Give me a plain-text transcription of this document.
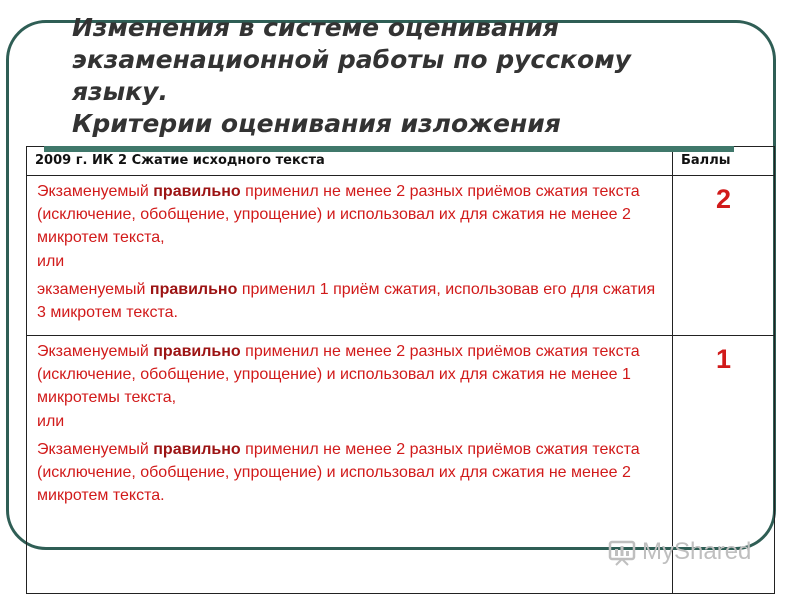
Изменения в системе оценивания
экзаменационной работы по русскому
языку.
Критерии оценивания изложения
2009 г. ИК 2 Сжатие исходного текста	Баллы

Экзаменуемый правильно применил не менее 2 разных приёмов сжатия текста (исключение, обобщение, упрощение) и использовал их для сжатия не менее 2 микротем текста,

или

экзаменуемый правильно применил 1 приём сжатия, использовав его для сжатия 3 микротем текста.	2

Экзаменуемый правильно применил не менее 2 разных приёмов сжатия текста (исключение, обобщение, упрощение) и использовал их для сжатия не менее 1 микротемы текста,

или

Экзаменуемый правильно применил не менее 2 разных приёмов сжатия текста (исключение, обобщение, упрощение) и использовал их для сжатия не менее 2 микротем текста.	1
MyShared
